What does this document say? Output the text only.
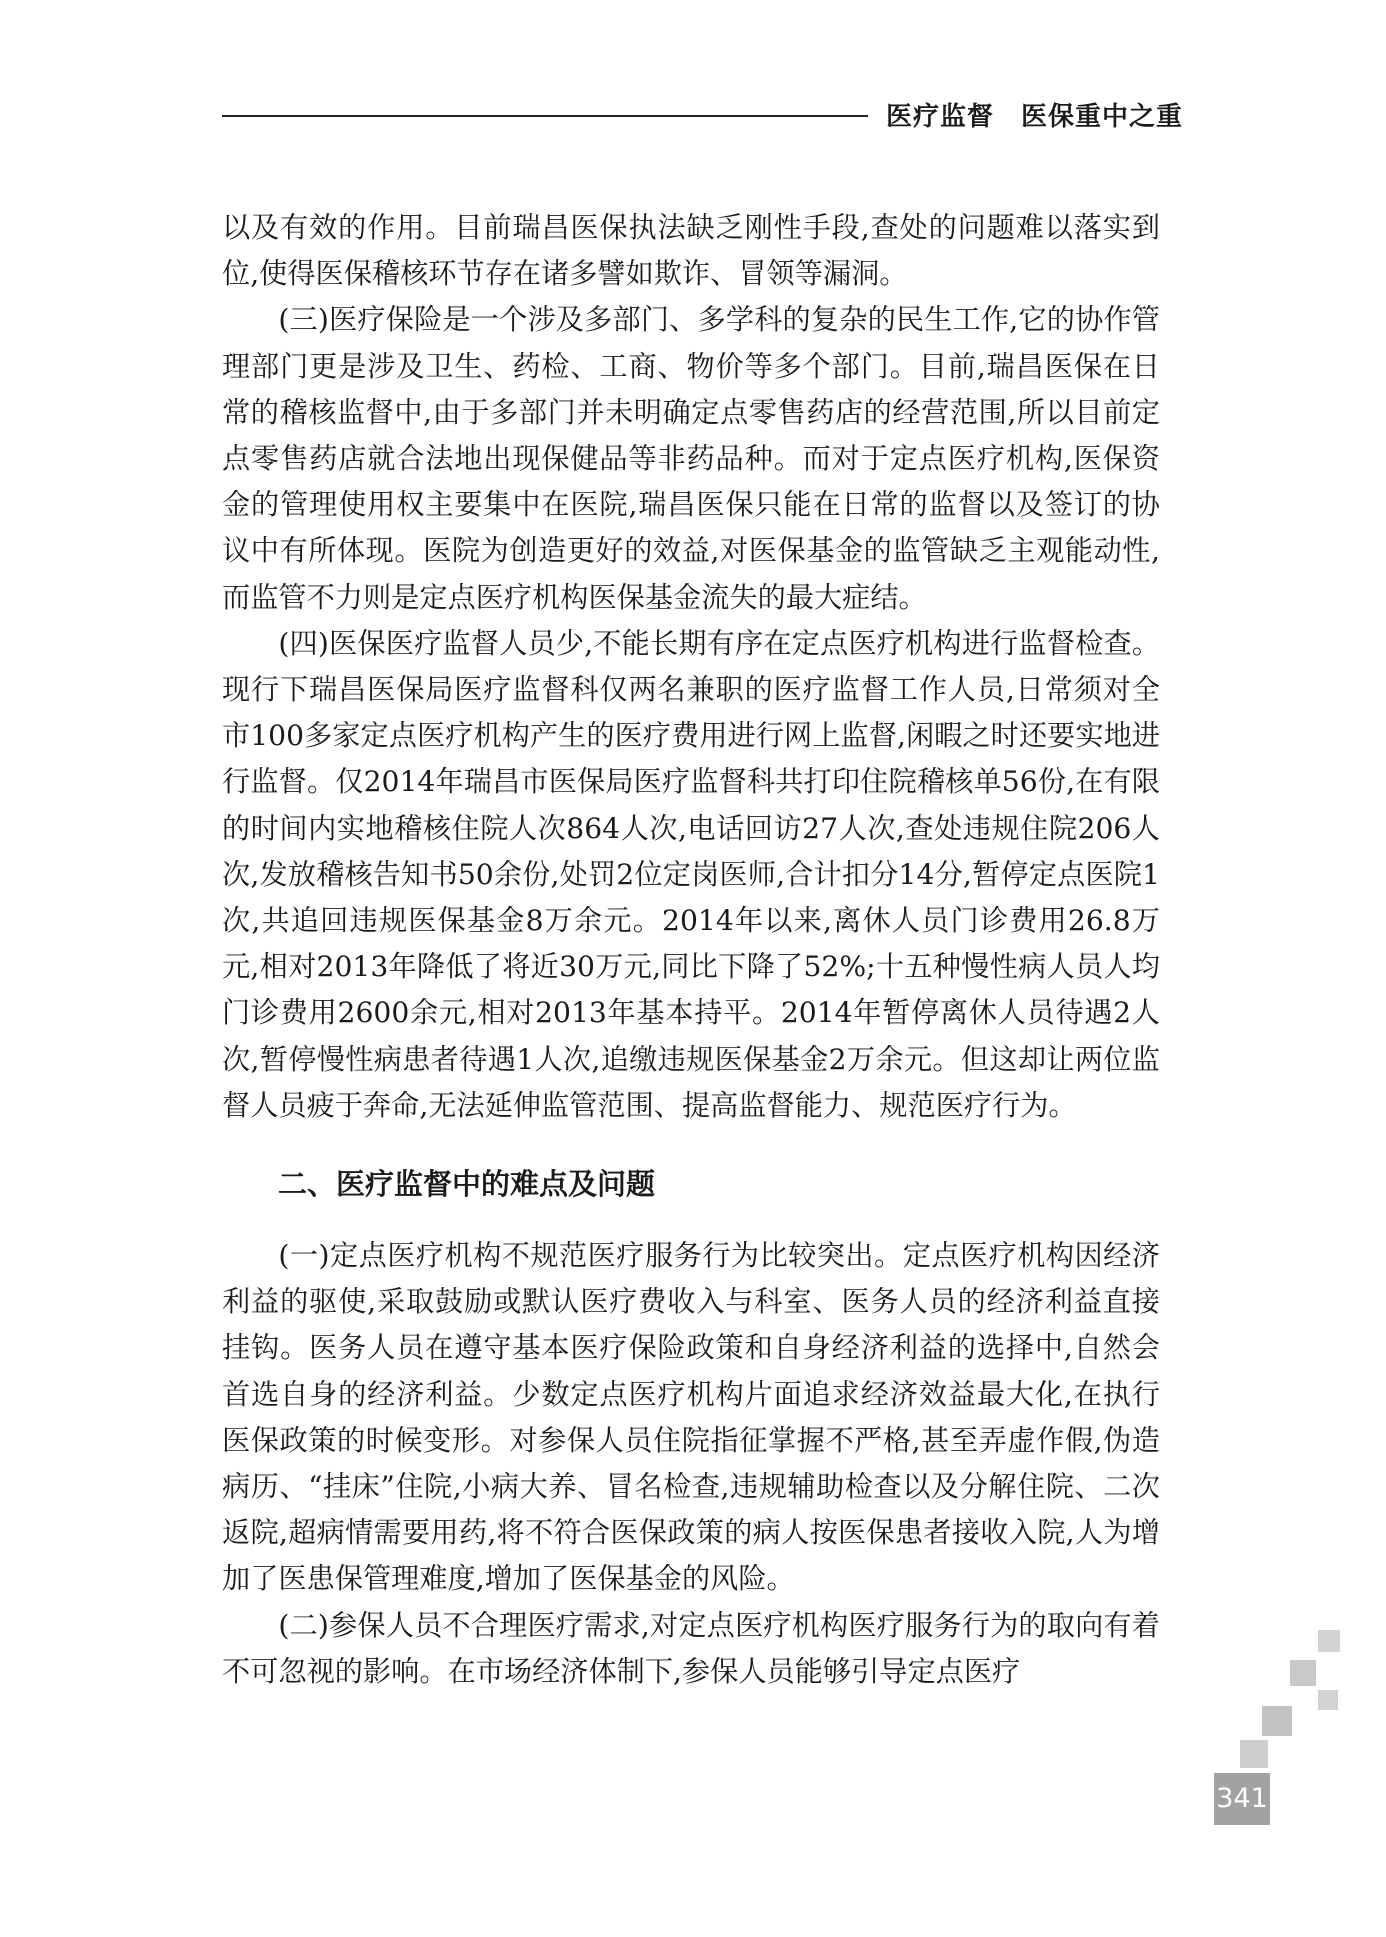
医疗监督　医保重中之重

以及有效的作用。目前瑞昌医保执法缺乏刚性手段,查处的问题难以落实到位,使得医保稽核环节存在诸多譬如欺诈、冒领等漏洞。

(三)医疗保险是一个涉及多部门、多学科的复杂的民生工作,它的协作管理部门更是涉及卫生、药检、工商、物价等多个部门。目前,瑞昌医保在日常的稽核监督中,由于多部门并未明确定点零售药店的经营范围,所以目前定点零售药店就合法地出现保健品等非药品种。而对于定点医疗机构,医保资金的管理使用权主要集中在医院,瑞昌医保只能在日常的监督以及签订的协议中有所体现。医院为创造更好的效益,对医保基金的监管缺乏主观能动性,而监管不力则是定点医疗机构医保基金流失的最大症结。

(四)医保医疗监督人员少,不能长期有序在定点医疗机构进行监督检查。现行下瑞昌医保局医疗监督科仅两名兼职的医疗监督工作人员,日常须对全市100多家定点医疗机构产生的医疗费用进行网上监督,闲暇之时还要实地进行监督。仅2014年瑞昌市医保局医疗监督科共打印住院稽核单56份,在有限的时间内实地稽核住院人次864人次,电话回访27人次,查处违规住院206人次,发放稽核告知书50余份,处罚2位定岗医师,合计扣分14分,暂停定点医院1次,共追回违规医保基金8万余元。2014年以来,离休人员门诊费用26.8万元,相对2013年降低了将近30万元,同比下降了52%;十五种慢性病人员人均门诊费用2600余元,相对2013年基本持平。2014年暂停离休人员待遇2人次,暂停慢性病患者待遇1人次,追缴违规医保基金2万余元。但这却让两位监督人员疲于奔命,无法延伸监管范围、提高监督能力、规范医疗行为。

二、医疗监督中的难点及问题

(一)定点医疗机构不规范医疗服务行为比较突出。定点医疗机构因经济利益的驱使,采取鼓励或默认医疗费收入与科室、医务人员的经济利益直接挂钩。医务人员在遵守基本医疗保险政策和自身经济利益的选择中,自然会首选自身的经济利益。少数定点医疗机构片面追求经济效益最大化,在执行医保政策的时候变形。对参保人员住院指征掌握不严格,甚至弄虚作假,伪造病历、“挂床”住院,小病大养、冒名检查,违规辅助检查以及分解住院、二次返院,超病情需要用药,将不符合医保政策的病人按医保患者接收入院,人为增加了医患保管理难度,增加了医保基金的风险。

(二)参保人员不合理医疗需求,对定点医疗机构医疗服务行为的取向有着不可忽视的影响。在市场经济体制下,参保人员能够引导定点医疗

341
